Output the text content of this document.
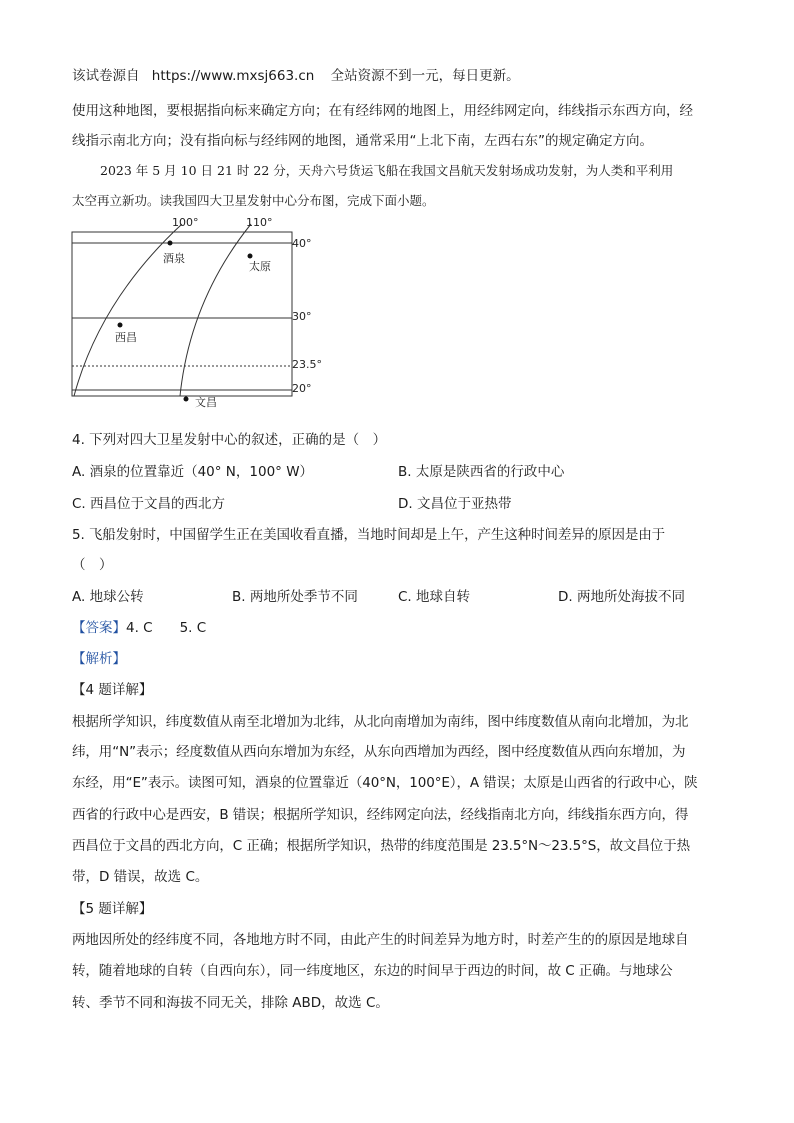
该试卷源自 https://www.mxsj663.cn 全站资源不到一元，每日更新。
使用这种地图，要根据指向标来确定方向；在有经纬网的地图上，用经纬网定向，纬线指示东西方向，经
线指示南北方向；没有指向标与经纬网的地图，通常采用“上北下南，左西右东”的规定确定方向。
2023 年 5 月 10 日 21 时 22 分，天舟六号货运飞船在我国文昌航天发射场成功发射，为人类和平利用
太空再立新功。读我国四大卫星发射中心分布图，完成下面小题。
100°	110°
40°
30°
23.5°
20°
酒泉
太原
西昌
文昌
4. 下列对四大卫星发射中心的叙述，正确的是（　）
A. 酒泉的位置靠近（40° N，100° W）	B. 太原是陕西省的行政中心
C. 西昌位于文昌的西北方	D. 文昌位于亚热带
5. 飞船发射时，中国留学生正在美国收看直播，当地时间却是上午，产生这种时间差异的原因是由于
（　）
A. 地球公转	B. 两地所处季节不同	C. 地球自转	D. 两地所处海拔不同
【答案】4. C　　5. C
【解析】
【4 题详解】
根据所学知识，纬度数值从南至北增加为北纬，从北向南增加为南纬，图中纬度数值从南向北增加，为北
纬，用“N”表示；经度数值从西向东增加为东经，从东向西增加为西经，图中经度数值从西向东增加，为
东经，用“E”表示。读图可知，酒泉的位置靠近（40°N，100°E），A 错误；太原是山西省的行政中心，陕
西省的行政中心是西安，B 错误；根据所学知识，经纬网定向法，经线指南北方向，纬线指东西方向，得
西昌位于文昌的西北方向，C 正确；根据所学知识，热带的纬度范围是 23.5°N～23.5°S，故文昌位于热
带，D 错误，故选 C。
【5 题详解】
两地因所处的经纬度不同，各地地方时不同，由此产生的时间差异为地方时，时差产生的的原因是地球自
转，随着地球的自转（自西向东），同一纬度地区，东边的时间早于西边的时间，故 C 正确。与地球公
转、季节不同和海拔不同无关，排除 ABD，故选 C。
